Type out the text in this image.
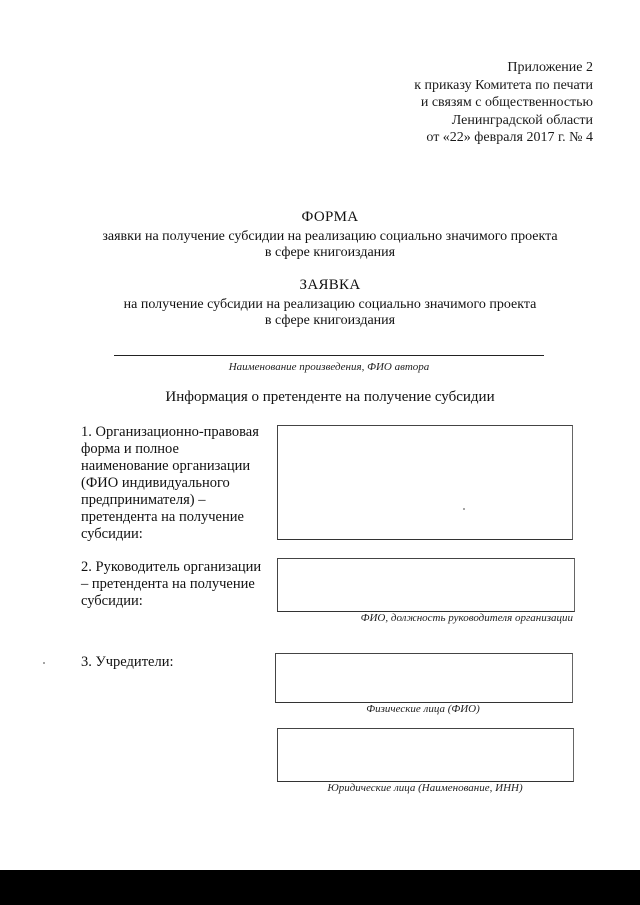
Приложение 2
к приказу Комитета по печати
и связям с общественностью
Ленинградской области
от «22» февраля 2017 г. № 4
ФОРМА
заявки на получение субсидии на реализацию социально значимого проекта
в сфере книгоиздания
ЗАЯВКА
на получение субсидии на реализацию социально значимого проекта
в сфере книгоиздания
Наименование произведения, ФИО автора
Информация о претенденте на получение субсидии
1. Организационно-правовая
форма и полное
наименование организации
(ФИО индивидуального
предпринимателя) –
претендента на получение
субсидии:
2. Руководитель организации
– претендента на получение
субсидии:
ФИО, должность руководителя организации
3. Учредители:
Физические лица (ФИО)
Юридические лица (Наименование, ИНН)
